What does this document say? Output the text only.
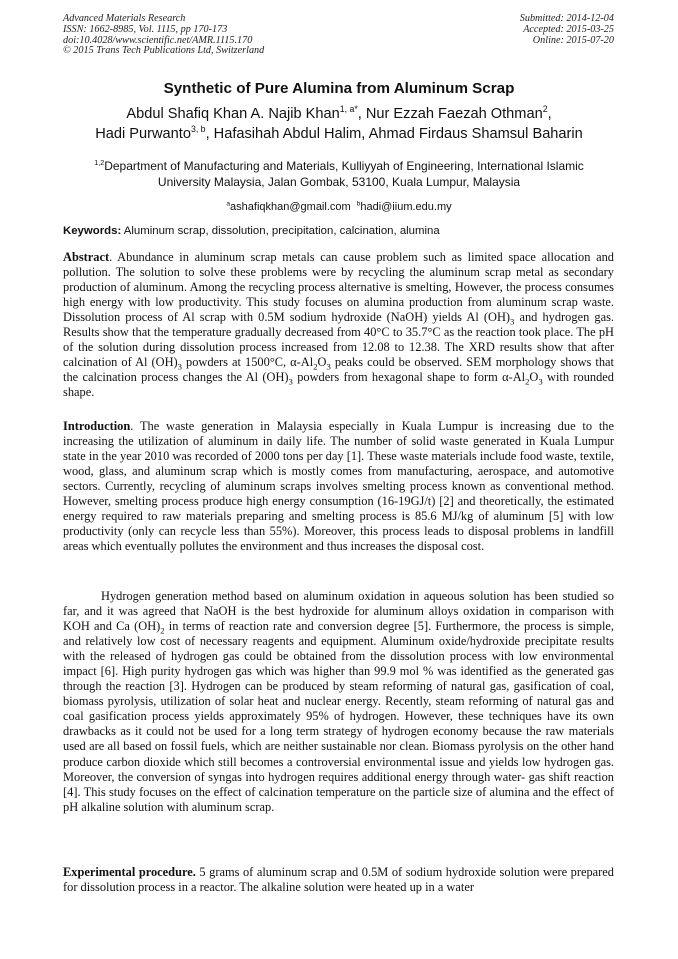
Advanced Materials Research
ISSN: 1662-8985, Vol. 1115, pp 170-173
doi:10.4028/www.scientific.net/AMR.1115.170
© 2015 Trans Tech Publications Ltd, Switzerland
Submitted: 2014-12-04
Accepted: 2015-03-25
Online: 2015-07-20
Synthetic of Pure Alumina from Aluminum Scrap
Abdul Shafiq Khan A. Najib Khan$^{1, a*}$, Nur Ezzah Faezah Othman$^2$,
Hadi Purwanto$^{3, b}$, Hafasihah Abdul Halim, Ahmad Firdaus Shamsul Baharin
$^{1,2}$Department of Manufacturing and Materials, Kulliyyah of Engineering, International Islamic
University Malaysia, Jalan Gombak, 53100, Kuala Lumpur, Malaysia
$^a$ashafiqkhan@gmail.com $^b$hadi@iium.edu.my
Keywords: Aluminum scrap, dissolution, precipitation, calcination, alumina

Abstract. Abundance in aluminum scrap metals can cause problem such as limited space allocation and pollution. The solution to solve these problems were by recycling the aluminum scrap metal as secondary production of aluminum. Among the recycling process alternative is smelting, However, the process consumes high energy with low productivity. This study focuses on alumina production from aluminum scrap waste. Dissolution process of Al scrap with 0.5M sodium hydroxide (NaOH) yields Al $(OH)_3$ and hydrogen gas. Results show that the temperature gradually decreased from 40°C to 35.7°C as the reaction took place. The pH of the solution during dissolution process increased from 12.08 to 12.38. The XRD results show that after calcination of Al $(OH)_3$ powders at 1500°C, $\alpha-Al_2O_3$ peaks could be observed. SEM morphology shows that the calcination process changes the Al $(OH)_3$ powders from hexagonal shape to form $\alpha-Al_2O_3$ with rounded shape.

Introduction. The waste generation in Malaysia especially in Kuala Lumpur is increasing due to the increasing the utilization of aluminum in daily life. The number of solid waste generated in Kuala Lumpur state in the year 2010 was recorded of 2000 tons per day [1]. These waste materials include food waste, textile, wood, glass, and aluminum scrap which is mostly comes from manufacturing, aerospace, and automotive sectors. Currently, recycling of aluminum scraps involves smelting process known as conventional method. However, smelting process produce high energy consumption (16-19GJ/t) [2] and theoretically, the estimated energy required to raw materials preparing and smelting process is 85.6 MJ/kg of aluminum [5] with low productivity (only can recycle less than 55%). Moreover, this process leads to disposal problems in landfill areas which eventually pollutes the environment and thus increases the disposal cost.

Hydrogen generation method based on aluminum oxidation in aqueous solution has been studied so far, and it was agreed that NaOH is the best hydroxide for aluminum alloys oxidation in comparison with KOH and Ca $(OH)_2$ in terms of reaction rate and conversion degree [5]. Furthermore, the process is simple, and relatively low cost of necessary reagents and equipment. Aluminum oxide/hydroxide precipitate results with the released of hydrogen gas could be obtained from the dissolution process with low environmental impact [6]. High purity hydrogen gas which was higher than 99.9 mol % was identified as the generated gas through the reaction [3]. Hydrogen can be produced by steam reforming of natural gas, gasification of coal, biomass pyrolysis, utilization of solar heat and nuclear energy. Recently, steam reforming of natural gas and coal gasification process yields approximately 95% of hydrogen. However, these techniques have its own drawbacks as it could not be used for a long term strategy of hydrogen economy because the raw materials used are all based on fossil fuels, which are neither sustainable nor clean. Biomass pyrolysis on the other hand produce carbon dioxide which still becomes a controversial environmental issue and yields low hydrogen gas. Moreover, the conversion of syngas into hydrogen requires additional energy through water- gas shift reaction [4]. This study focuses on the effect of calcination temperature on the particle size of alumina and the effect of pH alkaline solution with aluminum scrap.

Experimental procedure. 5 grams of aluminum scrap and 0.5M of sodium hydroxide solution were prepared for dissolution process in a reactor. The alkaline solution were heated up in a water
